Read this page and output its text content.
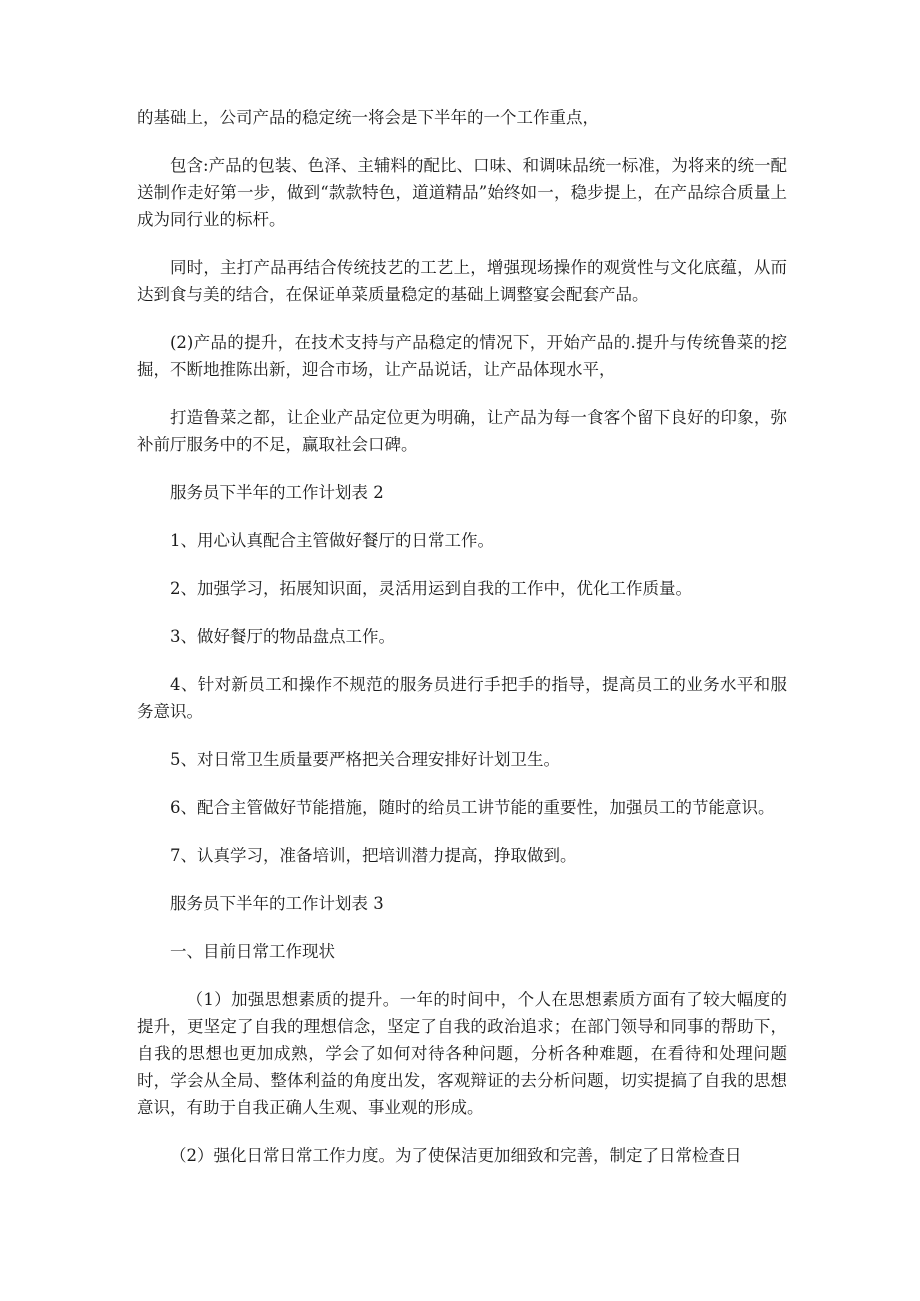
的基础上，公司产品的稳定统一将会是下半年的一个工作重点，

包含:产品的包装、色泽、主辅料的配比、口味、和调味品统一标准，为将来的统一配送制作走好第一步，做到“款款特色，道道精品”始终如一，稳步提上，在产品综合质量上成为同行业的标杆。

同时，主打产品再结合传统技艺的工艺上，增强现场操作的观赏性与文化底蕴，从而达到食与美的结合，在保证单菜质量稳定的基础上调整宴会配套产品。

(2)产品的提升，在技术支持与产品稳定的情况下，开始产品的.提升与传统鲁菜的挖掘，不断地推陈出新，迎合市场，让产品说话，让产品体现水平，

打造鲁菜之都，让企业产品定位更为明确，让产品为每一食客个留下良好的印象，弥补前厅服务中的不足，赢取社会口碑。

服务员下半年的工作计划表 2

1、用心认真配合主管做好餐厅的日常工作。

2、加强学习，拓展知识面，灵活用运到自我的工作中，优化工作质量。

3、做好餐厅的物品盘点工作。

4、针对新员工和操作不规范的服务员进行手把手的指导，提高员工的业务水平和服务意识。

5、对日常卫生质量要严格把关合理安排好计划卫生。

6、配合主管做好节能措施，随时的给员工讲节能的重要性，加强员工的节能意识。

7、认真学习，准备培训，把培训潜力提高，挣取做到。

服务员下半年的工作计划表 3

一、目前日常工作现状

（1）加强思想素质的提升。一年的时间中，个人在思想素质方面有了较大幅度的提升，更坚定了自我的理想信念，坚定了自我的政治追求；在部门领导和同事的帮助下，自我的思想也更加成熟，学会了如何对待各种问题，分析各种难题，在看待和处理问题时，学会从全局、整体利益的角度出发，客观辩证的去分析问题，切实提搞了自我的思想意识，有助于自我正确人生观、事业观的形成。

（2）强化日常日常工作力度。为了使保洁更加细致和完善，制定了日常检查日
